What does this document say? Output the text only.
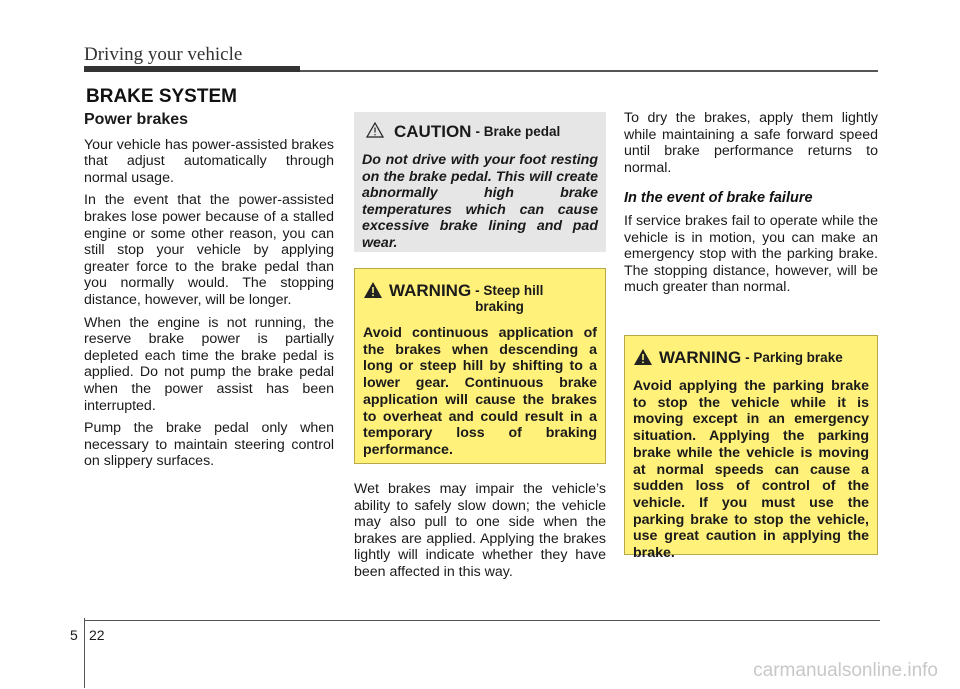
Driving your vehicle
BRAKE SYSTEM
Power brakes

Your vehicle has power-assisted brakes that adjust automatically through normal usage.

In the event that the power-assisted brakes lose power because of a stalled engine or some other reason, you can still stop your vehicle by applying greater force to the brake pedal than you normally would. The stopping distance, however, will be longer.

When the engine is not running, the reserve brake power is partially depleted each time the brake pedal is applied. Do not pump the brake pedal when the power assist has been interrupted.

Pump the brake pedal only when necessary to maintain steering control on slippery surfaces.

CAUTION - Brake pedal
Do not drive with your foot resting on the brake pedal. This will create abnormally high brake temperatures which can cause excessive brake lining and pad wear.
WARNING - Steep hill braking
Avoid continuous application of the brakes when descending a long or steep hill by shifting to a lower gear. Continuous brake application will cause the brakes to overheat and could result in a temporary loss of braking performance.

Wet brakes may impair the vehicle’s ability to safely slow down; the vehicle may also pull to one side when the brakes are applied. Applying the brakes lightly will indicate whether they have been affected in this way.

To dry the brakes, apply them lightly while maintaining a safe forward speed until brake performance returns to normal.

In the event of brake failure

If service brakes fail to operate while the vehicle is in motion, you can make an emergency stop with the parking brake. The stopping distance, however, will be much greater than normal.

WARNING - Parking brake
Avoid applying the parking brake to stop the vehicle while it is moving except in an emergency situation. Applying the parking brake while the vehicle is moving at normal speeds can cause a sudden loss of control of the vehicle. If you must use the parking brake to stop the vehicle, use great caution in applying the brake.
5 22
carmanualsonline.info
